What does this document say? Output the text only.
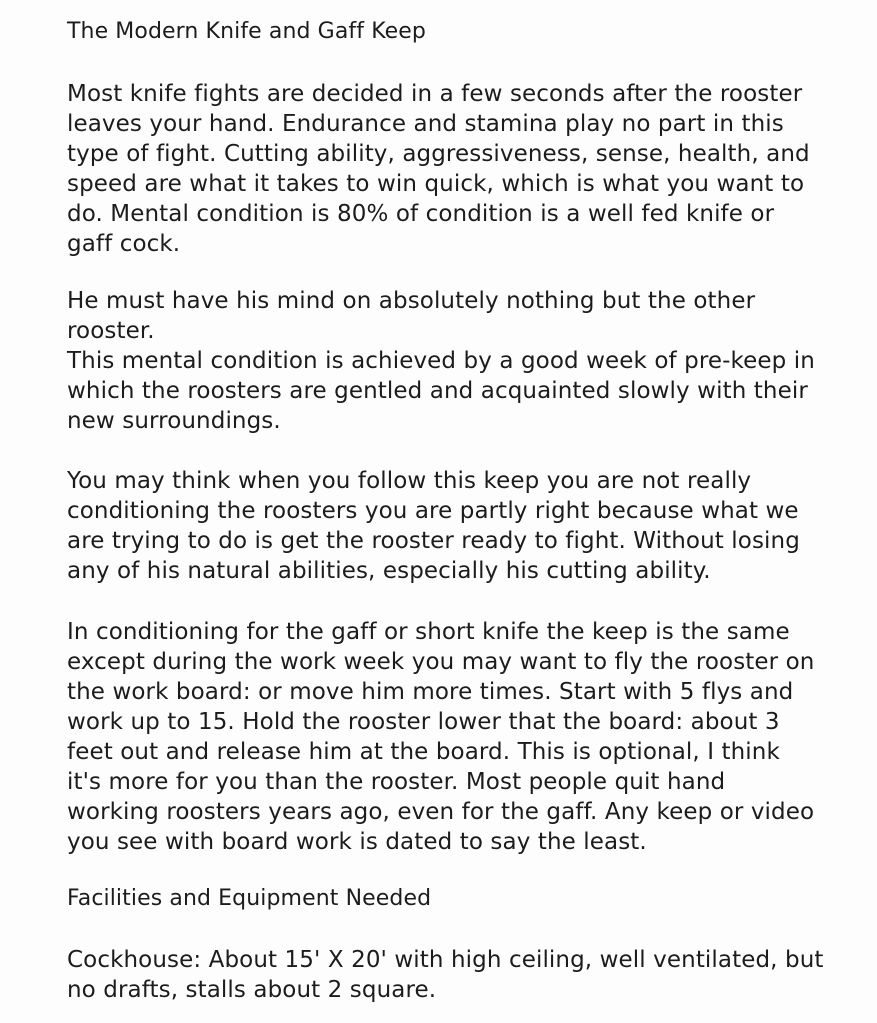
The Modern Knife and Gaff Keep

Most knife fights are decided in a few seconds after the rooster
leaves your hand. Endurance and stamina play no part in this
type of fight. Cutting ability, aggressiveness, sense, health, and
speed are what it takes to win quick, which is what you want to
do. Mental condition is 80% of condition is a well fed knife or
gaff cock.

He must have his mind on absolutely nothing but the other
rooster.
This mental condition is achieved by a good week of pre-keep in
which the roosters are gentled and acquainted slowly with their
new surroundings.

You may think when you follow this keep you are not really
conditioning the roosters you are partly right because what we
are trying to do is get the rooster ready to fight. Without losing
any of his natural abilities, especially his cutting ability.

In conditioning for the gaff or short knife the keep is the same
except during the work week you may want to fly the rooster on
the work board: or move him more times. Start with 5 flys and
work up to 15. Hold the rooster lower that the board: about 3
feet out and release him at the board. This is optional, I think
it's more for you than the rooster. Most people quit hand
working roosters years ago, even for the gaff. Any keep or video
you see with board work is dated to say the least.

Facilities and Equipment Needed

Cockhouse: About 15' X 20' with high ceiling, well ventilated, but
no drafts, stalls about 2 square.
